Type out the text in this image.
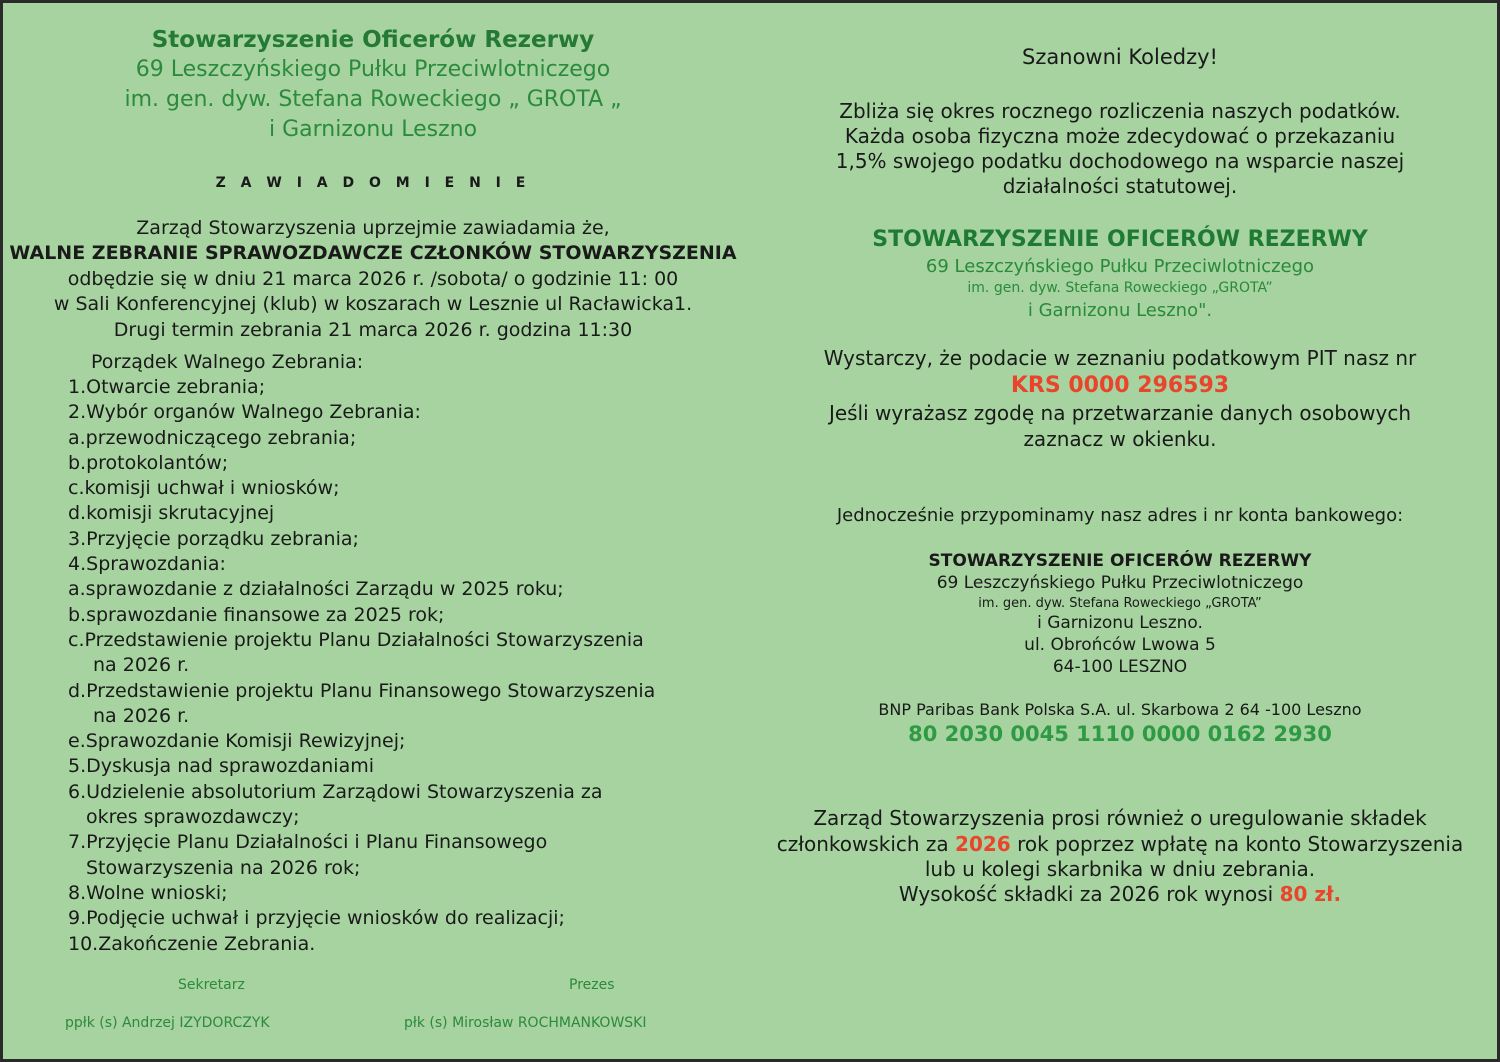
Stowarzyszenie Oficerów Rezerwy
69 Leszczyńskiego Pułku Przeciwlotniczego
im. gen. dyw. Stefana Roweckiego „ GROTA „
i Garnizonu Leszno
Z A W I A D O M I E N I E
Zarząd Stowarzyszenia uprzejmie zawiadamia że,
WALNE ZEBRANIE SPRAWOZDAWCZE CZŁONKÓW STOWARZYSZENIA
odbędzie się w dniu 21 marca 2026 r. /sobota/ o godzinie 11: 00
w Sali Konferencyjnej (klub) w koszarach w Lesznie ul Racławicka1.
Drugi termin zebrania 21 marca 2026 r. godzina 11:30
Porządek Walnego Zebrania:
1.Otwarcie zebrania;
2.Wybór organów Walnego Zebrania:
a.przewodniczącego zebrania;
b.protokolantów;
c.komisji uchwał i wniosków;
d.komisji skrutacyjnej
3.Przyjęcie porządku zebrania;
4.Sprawozdania:
a.sprawozdanie z działalności Zarządu w 2025 roku;
b.sprawozdanie finansowe za 2025 rok;
c.Przedstawienie projektu Planu Działalności Stowarzyszenia
na 2026 r.
d.Przedstawienie projektu Planu Finansowego Stowarzyszenia
na 2026 r.
e.Sprawozdanie Komisji Rewizyjnej;
5.Dyskusja nad sprawozdaniami
6.Udzielenie absolutorium Zarządowi Stowarzyszenia za
okres sprawozdawczy;
7.Przyjęcie Planu Działalności i Planu Finansowego
Stowarzyszenia na 2026 rok;
8.Wolne wnioski;
9.Podjęcie uchwał i przyjęcie wniosków do realizacji;
10.Zakończenie Zebrania.
Sekretarz	Prezes
ppłk (s) Andrzej IZYDORCZYK	płk (s) Mirosław ROCHMANKOWSKI
Szanowni Koledzy!
Zbliża się okres rocznego rozliczenia naszych podatków.
Każda osoba fizyczna może zdecydować o przekazaniu
1,5% swojego podatku dochodowego na wsparcie naszej
działalności statutowej.
STOWARZYSZENIE OFICERÓW REZERWY
69 Leszczyńskiego Pułku Przeciwlotniczego
im. gen. dyw. Stefana Roweckiego „GROTA”
i Garnizonu Leszno".
Wystarczy, że podacie w zeznaniu podatkowym PIT nasz nr
KRS 0000 296593
Jeśli wyrażasz zgodę na przetwarzanie danych osobowych
zaznacz w okienku.
Jednocześnie przypominamy nasz adres i nr konta bankowego:
STOWARZYSZENIE OFICERÓW REZERWY
69 Leszczyńskiego Pułku Przeciwlotniczego
im. gen. dyw. Stefana Roweckiego „GROTA”
i Garnizonu Leszno.
ul. Obrońców Lwowa 5
64-100 LESZNO
BNP Paribas Bank Polska S.A. ul. Skarbowa 2 64 -100 Leszno
80 2030 0045 1110 0000 0162 2930
Zarząd Stowarzyszenia prosi również o uregulowanie składek
członkowskich za 2026 rok poprzez wpłatę na konto Stowarzyszenia
lub u kolegi skarbnika w dniu zebrania.
Wysokość składki za 2026 rok wynosi 80 zł.
